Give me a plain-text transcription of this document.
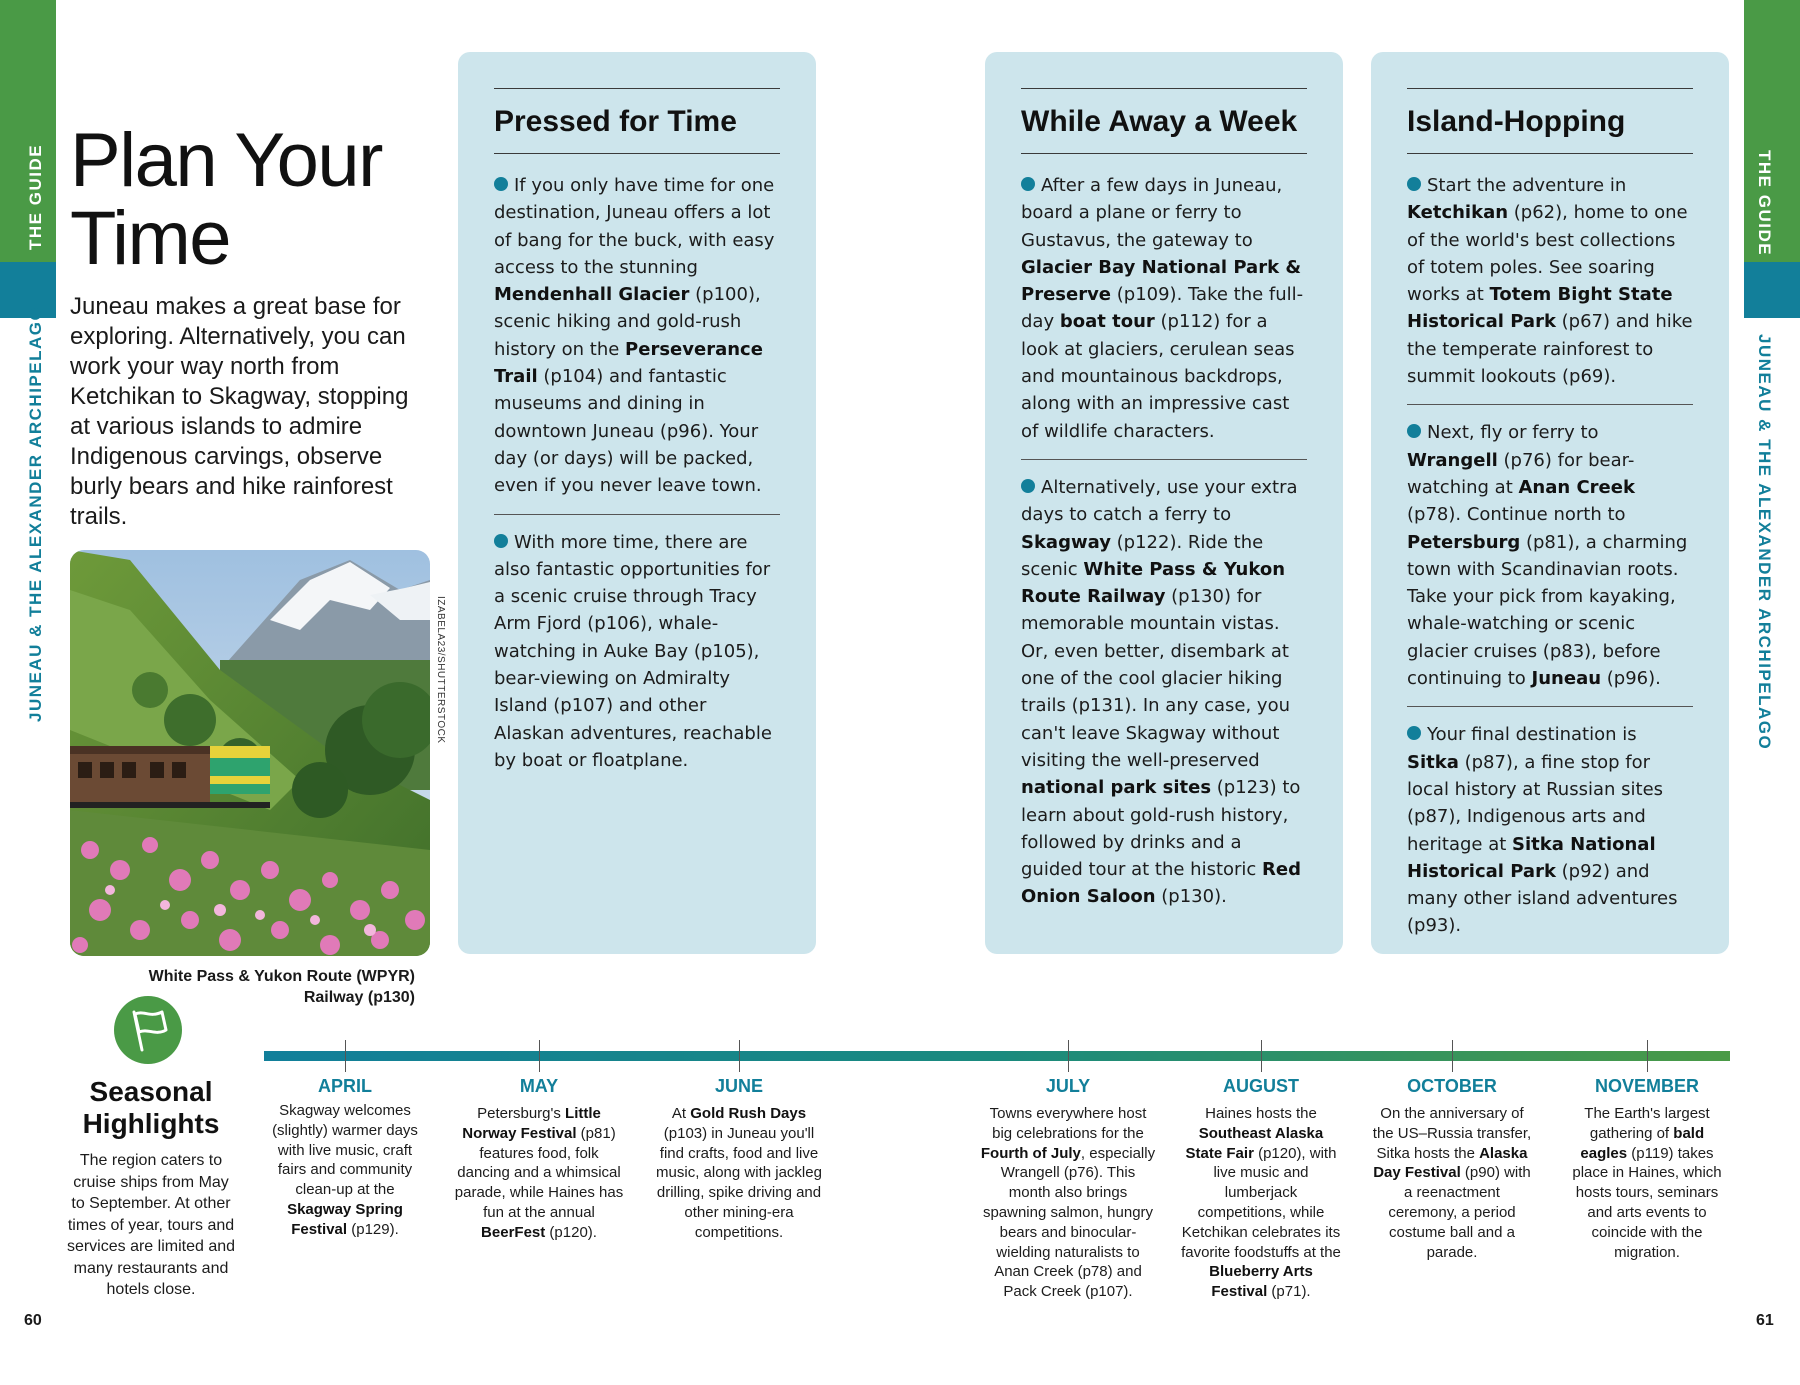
THE GUIDE
JUNEAU & THE ALEXANDER ARCHIPELAGO
THE GUIDE
JUNEAU & THE ALEXANDER ARCHIPELAGO
Plan Your
Time
Juneau makes a great base for exploring. Alternatively, you can work your way north from Ketchikan to Skagway, stopping at various islands to admire Indigenous carvings, observe burly bears and hike rainforest trails.
IZABELA23/SHUTTERSTOCK
White Pass & Yukon Route (WPYR)
Railway (p130)
Pressed for Time

If you only have time for one destination, Juneau offers a lot of bang for the buck, with easy access to the stunning Mendenhall Glacier (p100), scenic hiking and gold-rush history on the Perseverance Trail (p104) and fantastic museums and dining in downtown Juneau (p96). Your day (or days) will be packed, even if you never leave town.

With more time, there are also fantastic opportunities for a scenic cruise through Tracy Arm Fjord (p106), whale-watching in Auke Bay (p105), bear-viewing on Admiralty Island (p107) and other Alaskan adventures, reachable by boat or floatplane.

While Away a Week

After a few days in Juneau, board a plane or ferry to Gustavus, the gateway to Glacier Bay National Park & Preserve (p109). Take the full-day boat tour (p112) for a look at glaciers, cerulean seas and mountainous backdrops, along with an impressive cast of wildlife characters.

Alternatively, use your extra days to catch a ferry to Skagway (p122). Ride the scenic White Pass & Yukon Route Railway (p130) for memorable mountain vistas. Or, even better, disembark at one of the cool glacier hiking trails (p131). In any case, you can't leave Skagway without visiting the well-preserved national park sites (p123) to learn about gold-rush history, followed by drinks and a guided tour at the historic Red Onion Saloon (p130).

Island-Hopping

Start the adventure in Ketchikan (p62), home to one of the world's best collections of totem poles. See soaring works at Totem Bight State Historical Park (p67) and hike the temperate rainforest to summit lookouts (p69).

Next, fly or ferry to Wrangell (p76) for bear-watching at Anan Creek (p78). Continue north to Petersburg (p81), a charming town with Scandinavian roots. Take your pick from kayaking, whale-watching or scenic glacier cruises (p83), before continuing to Juneau (p96).

Your final destination is Sitka (p87), a fine stop for local history at Russian sites (p87), Indigenous arts and heritage at Sitka National Historical Park (p92) and many other island adventures (p93).

Seasonal
Highlights
The region caters to cruise ships from May to September. At other times of year, tours and services are limited and many restaurants and hotels close.
APRIL
Skagway welcomes (slightly) warmer days with live music, craft fairs and community clean-up at the Skagway Spring Festival (p129).
MAY
Petersburg's Little Norway Festival (p81) features food, folk dancing and a whimsical parade, while Haines has fun at the annual BeerFest (p120).
JUNE
At Gold Rush Days (p103) in Juneau you'll find crafts, food and live music, along with jackleg drilling, spike driving and other mining-era competitions.
JULY
Towns everywhere host big celebrations for the Fourth of July, especially Wrangell (p76). This month also brings spawning salmon, hungry bears and binocular-wielding naturalists to Anan Creek (p78) and Pack Creek (p107).
AUGUST
Haines hosts the Southeast Alaska State Fair (p120), with live music and lumberjack competitions, while Ketchikan celebrates its favorite foodstuffs at the Blueberry Arts Festival (p71).
OCTOBER
On the anniversary of the US–Russia transfer, Sitka hosts the Alaska Day Festival (p90) with a reenactment ceremony, a period costume ball and a parade.
NOVEMBER
The Earth's largest gathering of bald eagles (p119) takes place in Haines, which hosts tours, seminars and arts events to coincide with the migration.
60	61
